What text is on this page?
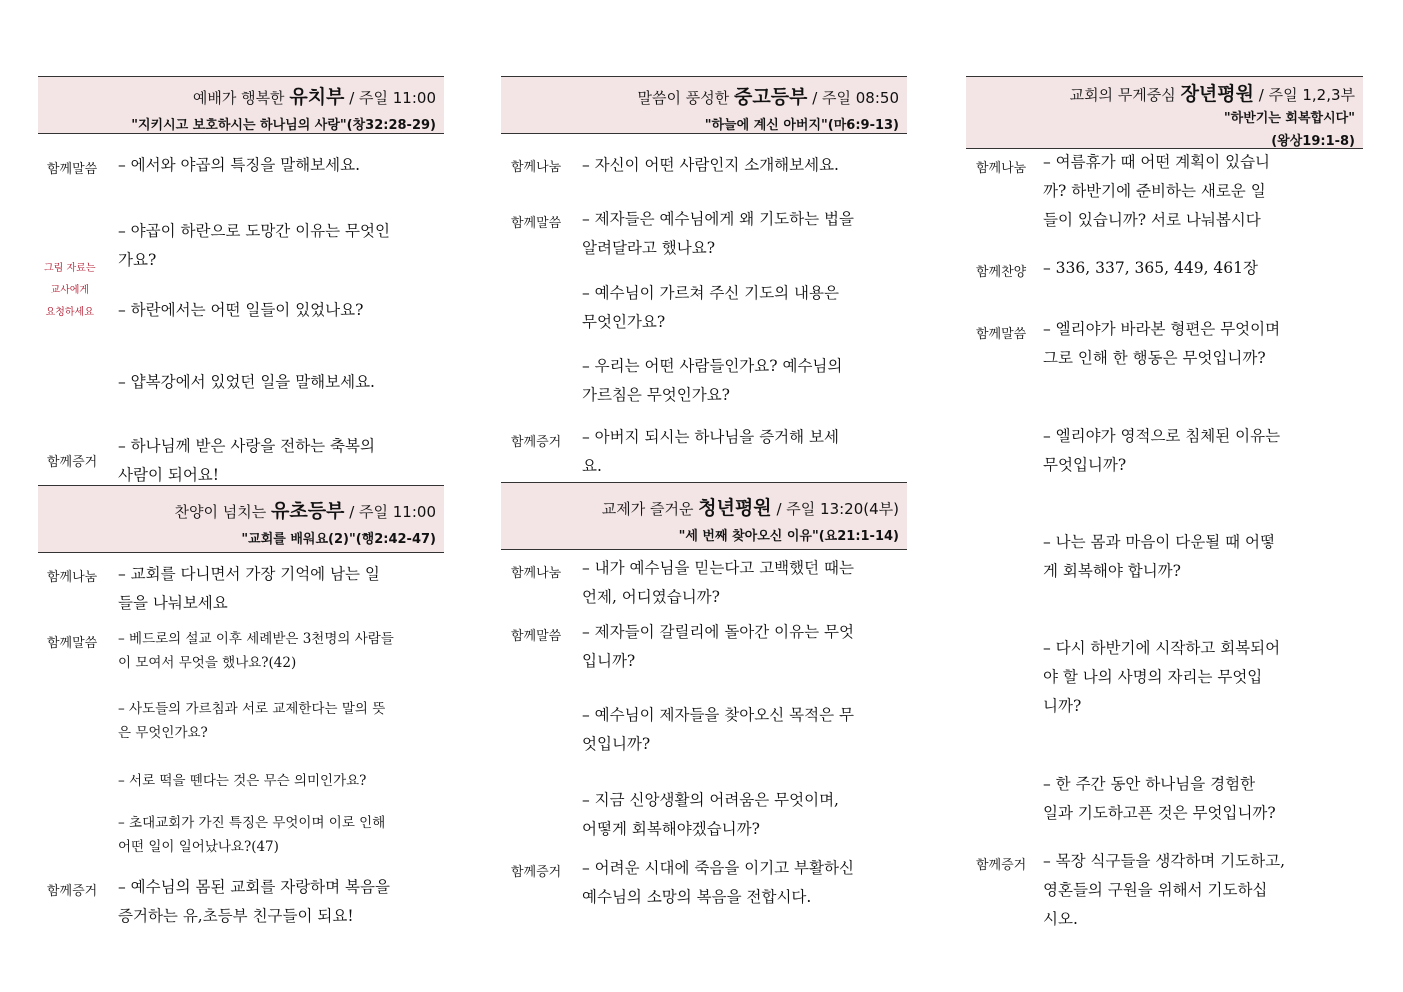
예배가 행복한 유치부 / 주일 11:00
"지키시고 보호하시는 하나님의 사랑"(창32:28-29)
함께말씀
그림 자료는
교사에게
요청하세요
함께증거
– 에서와 야곱의 특징을 말해보세요.
– 야곱이 하란으로 도망간 이유는 무엇인
가요?
– 하란에서는 어떤 일들이 있었나요?
– 얍복강에서 있었던 일을 말해보세요.
– 하나님께 받은 사랑을 전하는 축복의
사람이 되어요!
찬양이 넘치는 유초등부 / 주일 11:00
"교회를 배워요(2)"(행2:42-47)
함께나눔
함께말씀
함께증거
– 교회를 다니면서 가장 기억에 남는 일
들을 나눠보세요
– 베드로의 설교 이후 세례받은 3천명의 사람들
이 모여서 무엇을 했나요?(42)
– 사도들의 가르침과 서로 교제한다는 말의 뜻
은 무엇인가요?
– 서로 떡을 뗀다는 것은 무슨 의미인가요?
– 초대교회가 가진 특징은 무엇이며 이로 인해
어떤 일이 일어났나요?(47)
– 예수님의 몸된 교회를 자랑하며 복음을
증거하는 유,초등부 친구들이 되요!
말씀이 풍성한 중고등부 / 주일 08:50
"하늘에 계신 아버지"(마6:9-13)
함께나눔
함께말씀
함께증거
– 자신이 어떤 사람인지 소개해보세요.
– 제자들은 예수님에게 왜 기도하는 법을
알려달라고 했나요?
– 예수님이 가르쳐 주신 기도의 내용은
무엇인가요?
– 우리는 어떤 사람들인가요? 예수님의
가르침은 무엇인가요?
– 아버지 되시는 하나님을 증거해 보세
요.
교제가 즐거운 청년평원 / 주일 13:20(4부)
"세 번째 찾아오신 이유"(요21:1-14)
함께나눔
함께말씀
함께증거
– 내가 예수님을 믿는다고 고백했던 때는
언제, 어디였습니까?
– 제자들이 갈릴리에 돌아간 이유는 무엇
입니까?
– 예수님이 제자들을 찾아오신 목적은 무
엇입니까?
– 지금 신앙생활의 어려움은 무엇이며,
어떻게 회복해야겠습니까?
– 어려운 시대에 죽음을 이기고 부활하신
예수님의 소망의 복음을 전합시다.
교회의 무게중심 장년평원 / 주일 1,2,3부
"하반기는 회복합시다"
(왕상19:1-8)
함께나눔
함께찬양
함께말씀
함께증거
– 여름휴가 때 어떤 계획이 있습니
까? 하반기에 준비하는 새로운 일
들이 있습니까? 서로 나눠봅시다
– 336, 337, 365, 449, 461장
– 엘리야가 바라본 형편은 무엇이며
그로 인해 한 행동은 무엇입니까?
– 엘리야가 영적으로 침체된 이유는
무엇입니까?
– 나는 몸과 마음이 다운될 때 어떻
게 회복해야 합니까?
– 다시 하반기에 시작하고 회복되어
야 할 나의 사명의 자리는 무엇입
니까?
– 한 주간 동안 하나님을 경험한
일과 기도하고픈 것은 무엇입니까?
– 목장 식구들을 생각하며 기도하고,
영혼들의 구원을 위해서 기도하십
시오.
